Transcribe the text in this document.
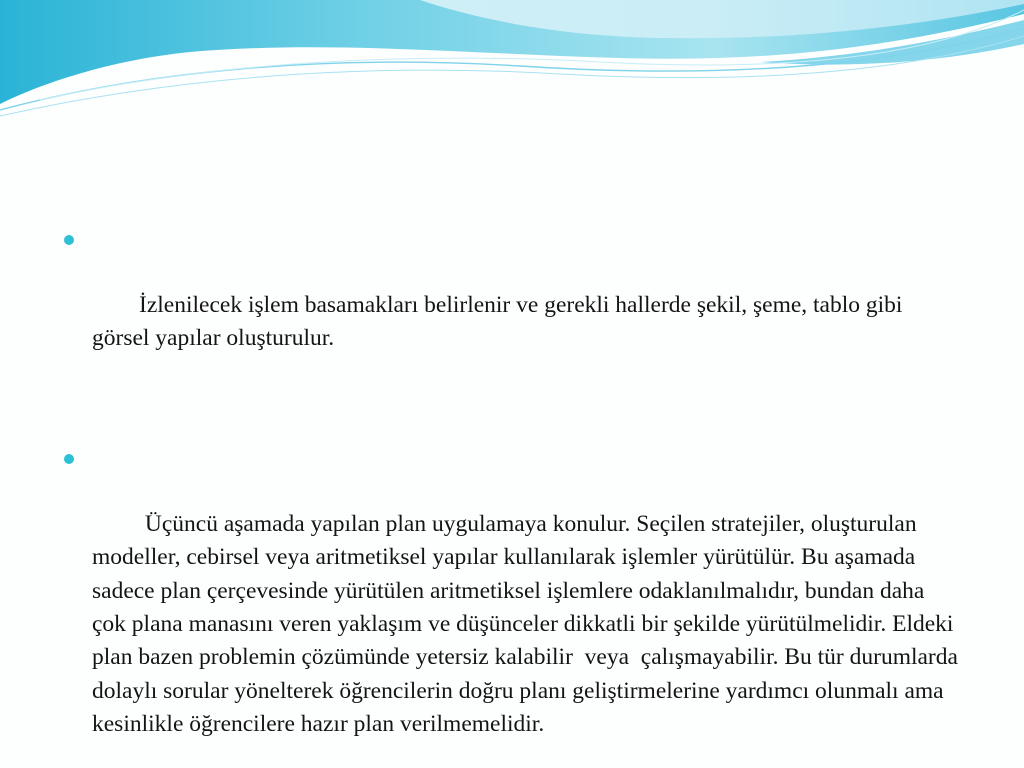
İzlenilecek işlem basamakları belirlenir ve gerekli hallerde şekil, şeme, tablo gibi görsel yapılar oluşturulur.

Üçüncü aşamada yapılan plan uygulamaya konulur. Seçilen stratejiler, oluşturulan modeller, cebirsel veya aritmetiksel yapılar kullanılarak işlemler yürütülür. Bu aşamada sadece plan çerçevesinde yürütülen aritmetiksel işlemlere odaklanılmalıdır, bundan daha çok plana manasını veren yaklaşım ve düşünceler dikkatli bir şekilde yürütülmelidir. Eldeki plan bazen problemin çözümünde yetersiz kalabilir  veya  çalışmayabilir. Bu tür durumlarda dolaylı sorular yönelterek öğrencilerin doğru planı geliştirmelerine yardımcı olunmalı ama kesinlikle öğrencilere hazır plan verilmemelidir.
